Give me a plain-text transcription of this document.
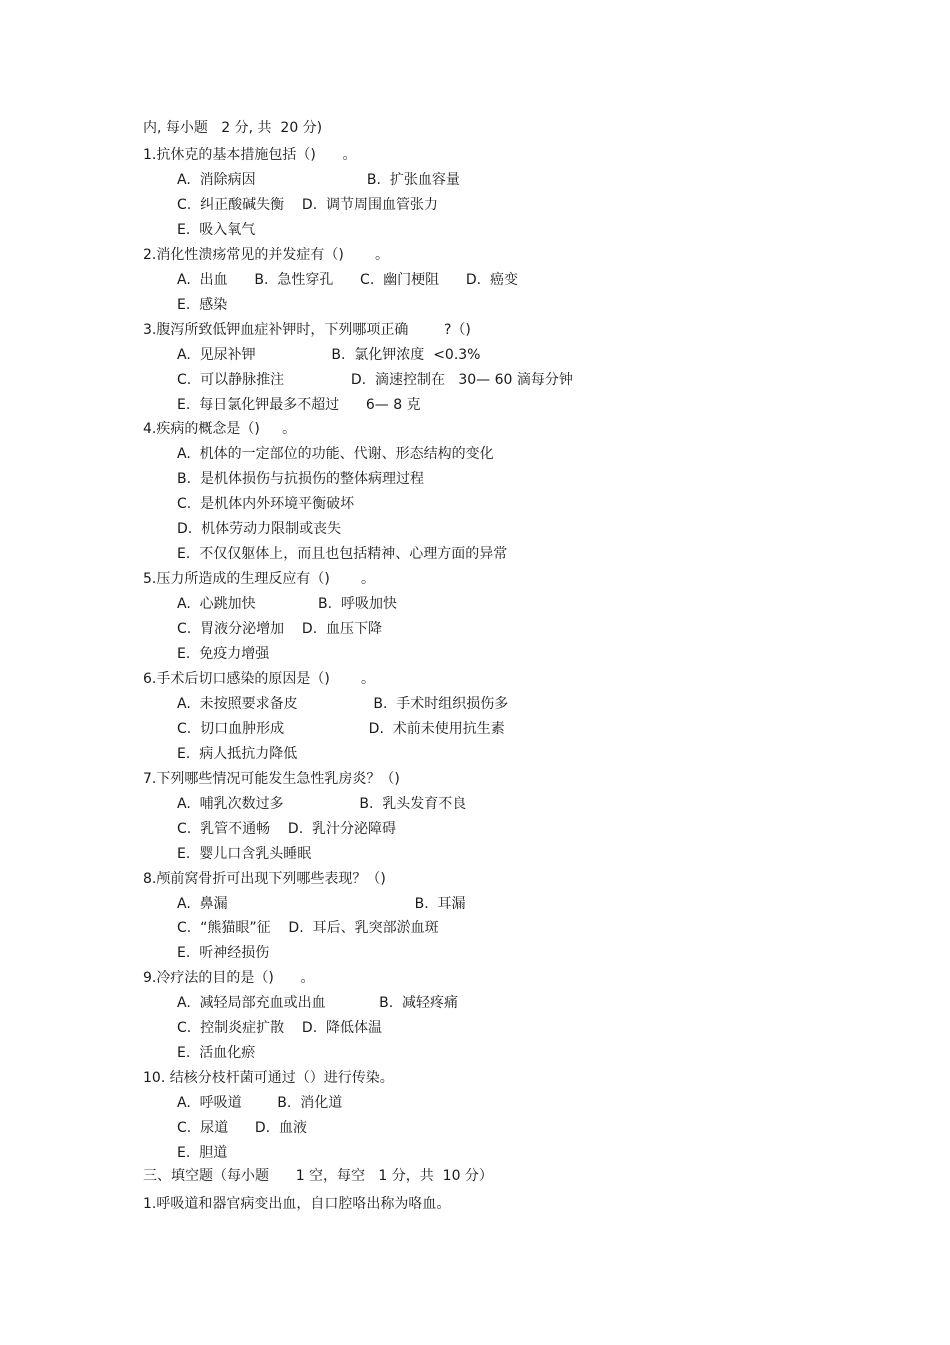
内, 每小题   2 分, 共  20 分)
1.抗休克的基本措施包括（)      。
A.  消除病因                         B.  扩张血容量
C.  纠正酸碱失衡    D.  调节周围血管张力
E.  吸入氧气
2.消化性溃疡常见的并发症有（)       。
A.  出血      B.  急性穿孔      C.  幽门梗阻      D.  癌变
E.  感染
3.腹泻所致低钾血症补钾时，下列哪项正确        ?（)
A.  见尿补钾                 B.  氯化钾浓度  <0.3%
C.  可以静脉推注               D.  滴速控制在   30— 60 滴每分钟
E.  每日氯化钾最多不超过      6— 8 克
4.疾病的概念是（)     。
A.  机体的一定部位的功能、代谢、形态结构的变化
B.  是机体损伤与抗损伤的整体病理过程
C.  是机体内外环境平衡破坏
D.  机体劳动力限制或丧失
E.  不仅仅躯体上，而且也包括精神、心理方面的异常
5.压力所造成的生理反应有（)       。
A.  心跳加快              B.  呼吸加快
C.  胃液分泌增加    D.  血压下降
E.  免疫力增强
6.手术后切口感染的原因是（)       。
A.  未按照要求备皮                 B.  手术时组织损伤多
C.  切口血肿形成                   D.  术前未使用抗生素
E.  病人抵抗力降低
7.下列哪些情况可能发生急性乳房炎？（)
A.  哺乳次数过多                 B.  乳头发育不良
C.  乳管不通畅    D.  乳汁分泌障碍
E.  婴儿口含乳头睡眠
8.颅前窝骨折可出现下列哪些表现？（)
A.  鼻漏                                          B.  耳漏
C.  “熊猫眼”征    D.  耳后、乳突部淤血斑
E.  听神经损伤
9.冷疗法的目的是（)      。
A.  减轻局部充血或出血            B.  减轻疼痛
C.  控制炎症扩散    D.  降低体温
E.  活血化瘀
10. 结核分枝杆菌可通过（）进行传染。
A.  呼吸道        B.  消化道
C.  尿道      D.  血液
E.  胆道
三、填空题（每小题      1 空，每空   1 分，共  10 分）
1.呼吸道和器官病变出血，自口腔咯出称为咯血。
